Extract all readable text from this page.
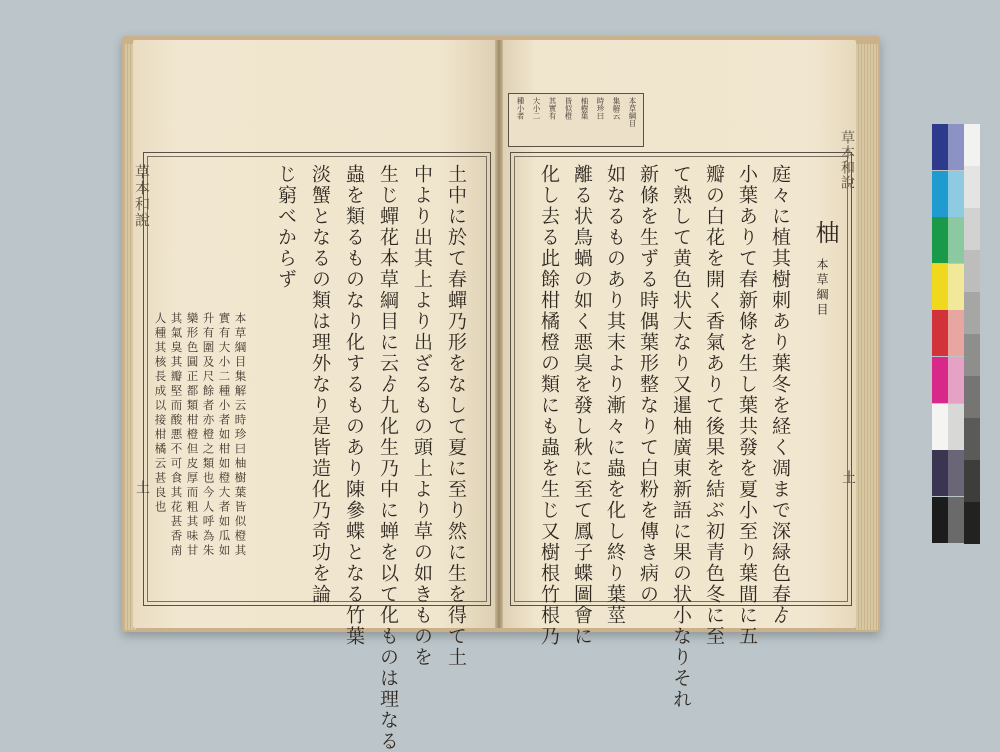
草本和說
土	土中に於て春蟬乃形をなして夏に至り然に生を得て土
中より出其上より出ざるもの頭上より草の如きものを
生じ蟬花本草綱目に云ゟ九化生乃中に蝉を以て化ものは理なる
蟲を類るものなり化するものあり陳參蝶となる竹葉
淡蟹となるの類は理外なり是皆造化乃奇功を論
じ窮べからず
本草綱目集解云時珍曰柚樹葉皆似橙其
實有大小二種小者如柑如橙大者如瓜如
升有圍及尺餘者亦橙之類也今人呼為朱
欒形色圓正都類柑橙但皮厚而粗其味甘
其氣臭其瓣堅而酸悪不可食其花甚香南
人種其核長成以接柑橘云甚良也
本草綱目
集解云
時珍曰
柚樹葉
皆似橙
其實有
大小二
種小者
草本和說
土
柚
本草綱目
庭々に植其樹刺あり葉冬を経く凋まで深緑色春ゟ
小葉ありて春新條を生し葉共發を夏小至り葉間に五
瓣の白花を開く香氣ありて後果を結ぶ初青色冬に至
て熟して黄色状大なり又暹柚廣東新語に果の状小なりそれ
新條を生ずる時偶葉形整なりて白粉を傳き病の
如なるものあり其末より漸々に蟲を化し終り葉莖
離る状鳥蝸の如く悪臭を發し秋に至て鳳子蝶圖會に
化し去る此餘柑橘橙の類にも蟲を生じ又樹根竹根乃
